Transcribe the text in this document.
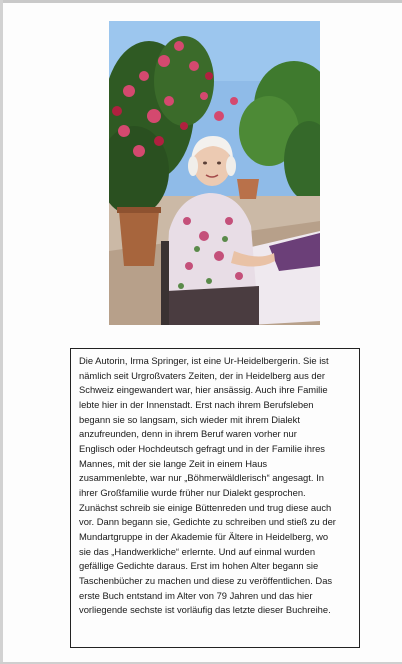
Die Autorin, Irma Springer, ist eine Ur-Heidelbergerin. Sie ist
nämlich seit Urgroßvaters Zeiten, der in Heidelberg aus der
Schweiz eingewandert war, hier ansässig. Auch ihre Familie
lebte hier in der Innenstadt. Erst nach ihrem Berufsleben
begann sie so langsam, sich wieder mit ihrem Dialekt
anzufreunden, denn in ihrem Beruf waren vorher nur
Englisch oder Hochdeutsch gefragt und in der Familie ihres
Mannes, mit der sie lange Zeit in einem Haus
zusammenlebte, war nur „Böhmerwäldlerisch“ angesagt. In
ihrer Großfamilie wurde früher nur Dialekt gesprochen.
Zunächst schreib sie einige Büttenreden und trug diese auch
vor. Dann begann sie, Gedichte zu schreiben und stieß zu der
Mundartgruppe in der Akademie für Ältere in Heidelberg, wo
sie das „Handwerkliche“ erlernte. Und auf einmal wurden
gefällige Gedichte daraus. Erst im hohen Alter begann sie
Taschenbücher zu machen und diese zu veröffentlichen. Das
erste Buch entstand im Alter von 79 Jahren und das hier
vorliegende sechste ist vorläufig das letzte dieser Buchreihe.
